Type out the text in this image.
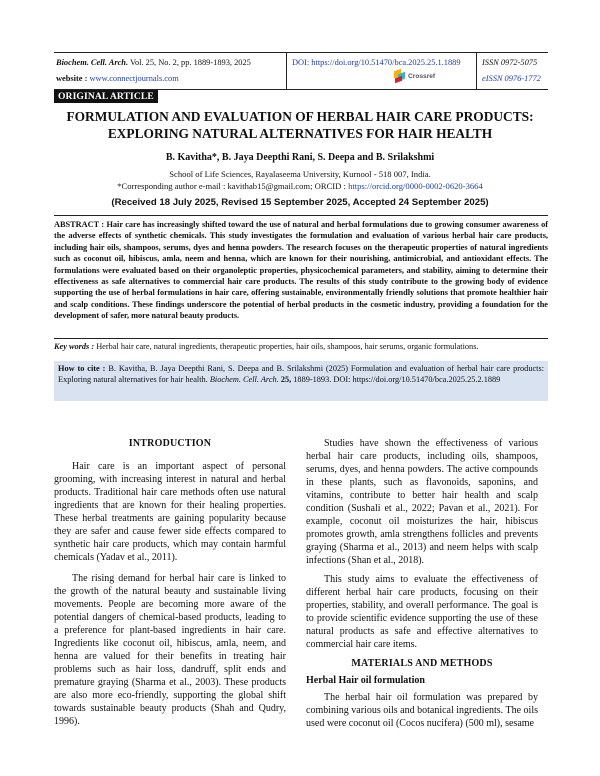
Biochem. Cell. Arch. Vol. 25, No. 2, pp. 1889-1893, 2025
website : www.connectjournals.com
DOI: https://doi.org/10.51470/bca.2025.25.1.1889
Crossref
ISSN 0972-5075
eISSN 0976-1772
ORIGINAL ARTICLE
FORMULATION AND EVALUATION OF HERBAL HAIR CARE PRODUCTS:
EXPLORING NATURAL ALTERNATIVES FOR HAIR HEALTH
B. Kavitha*, B. Jaya Deepthi Rani, S. Deepa and B. Srilakshmi
School of Life Sciences, Rayalaseema University, Kurnool - 518 007, India.
*Corresponding author e-mail : kavithab15@gmail.com; ORCID : https://orcid.org/0000-0002-0620-3664
(Received 18 July 2025, Revised 15 September 2025, Accepted 24 September 2025)
ABSTRACT : Hair care has increasingly shifted toward the use of natural and herbal formulations due to growing consumer awareness of the adverse effects of synthetic chemicals. This study investigates the formulation and evaluation of various herbal hair care products, including hair oils, shampoos, serums, dyes and henna powders. The research focuses on the therapeutic properties of natural ingredients such as coconut oil, hibiscus, amla, neem and henna, which are known for their nourishing, antimicrobial, and antioxidant effects. The formulations were evaluated based on their organoleptic properties, physicochemical parameters, and stability, aiming to determine their effectiveness as safe alternatives to commercial hair care products. The results of this study contribute to the growing body of evidence supporting the use of herbal formulations in hair care, offering sustainable, environmentally friendly solutions that promote healthier hair and scalp conditions. These findings underscore the potential of herbal products in the cosmetic industry, providing a foundation for the development of safer, more natural beauty products.
Key words : Herbal hair care, natural ingredients, therapeutic properties, hair oils, shampoos, hair serums, organic formulations.
How to cite : B. Kavitha, B. Jaya Deepthi Rani, S. Deepa and B. Srilakshmi (2025) Formulation and evaluation of herbal hair care products: Exploring natural alternatives for hair health. Biochem. Cell. Arch. 25, 1889-1893. DOI: https://doi.org/10.51470/bca.2025.25.2.1889
INTRODUCTION

Hair care is an important aspect of personal grooming, with increasing interest in natural and herbal products. Traditional hair care methods often use natural ingredients that are known for their healing properties. These herbal treatments are gaining popularity because they are safer and cause fewer side effects compared to synthetic hair care products, which may contain harmful chemicals (Yadav et al., 2011).

The rising demand for herbal hair care is linked to the growth of the natural beauty and sustainable living movements. People are becoming more aware of the potential dangers of chemical-based products, leading to a preference for plant-based ingredients in hair care. Ingredients like coconut oil, hibiscus, amla, neem, and henna are valued for their benefits in treating hair problems such as hair loss, dandruff, split ends and premature graying (Sharma et al., 2003). These products are also more eco-friendly, supporting the global shift towards sustainable beauty products (Shah and Qudry, 1996).

Studies have shown the effectiveness of various herbal hair care products, including oils, shampoos, serums, dyes, and henna powders. The active compounds in these plants, such as flavonoids, saponins, and vitamins, contribute to better hair health and scalp condition (Sushali et al., 2022; Pavan et al., 2021). For example, coconut oil moisturizes the hair, hibiscus promotes growth, amla strengthens follicles and prevents graying (Sharma et al., 2013) and neem helps with scalp infections (Shan et al., 2018).

This study aims to evaluate the effectiveness of different herbal hair care products, focusing on their properties, stability, and overall performance. The goal is to provide scientific evidence supporting the use of these natural products as safe and effective alternatives to commercial hair care items.

MATERIALS AND METHODS

Herbal Hair oil formulation

The herbal hair oil formulation was prepared by combining various oils and botanical ingredients. The oils used were coconut oil (Cocos nucifera) (500 ml), sesame
